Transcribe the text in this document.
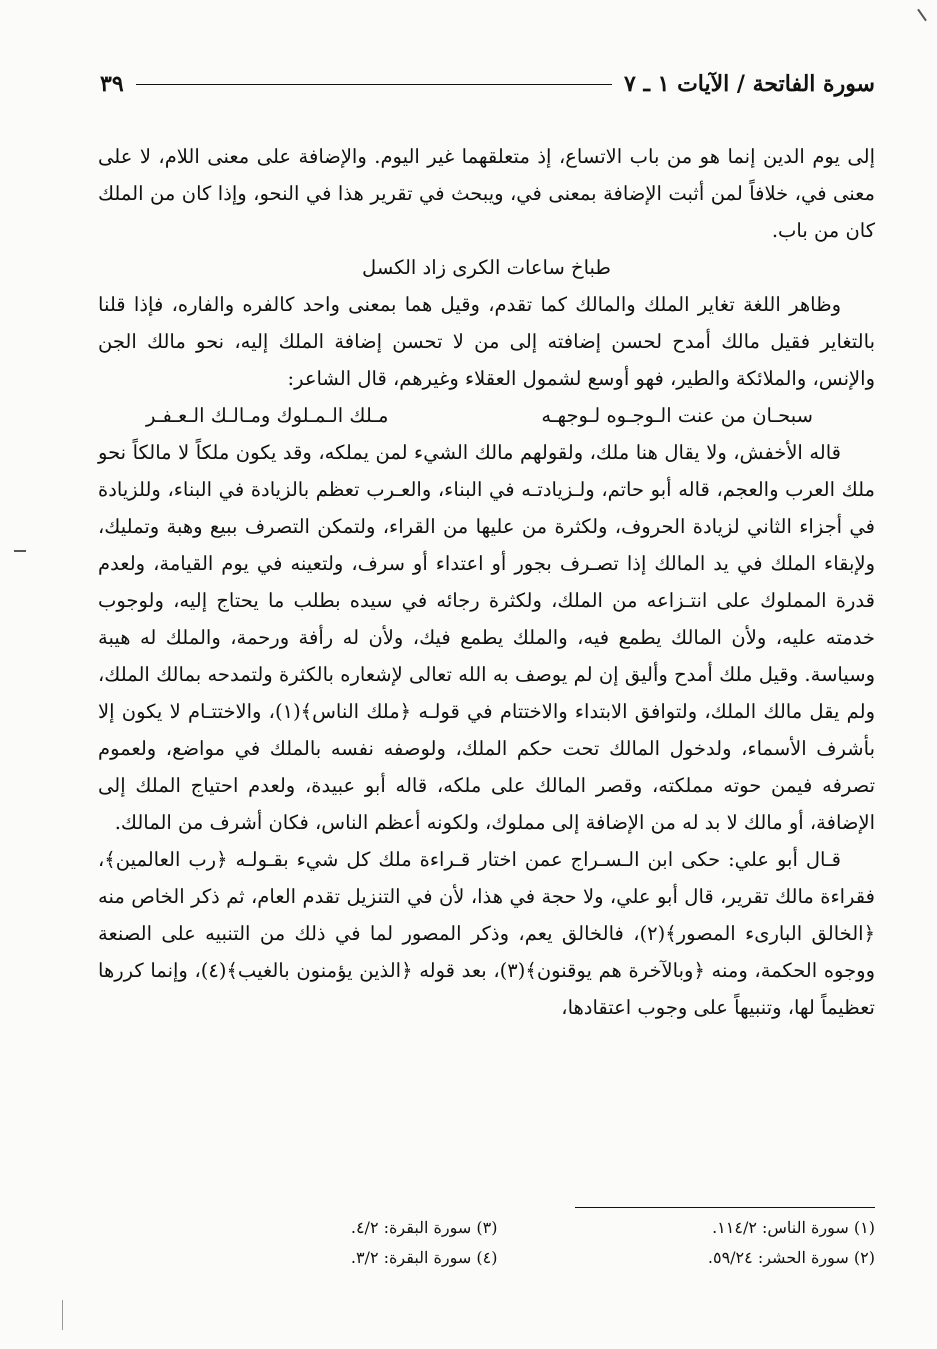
سورة الفاتحة / الآيات ١ ـ ٧
٣٩

إلى يوم الدين إنما هو من باب الاتساع، إذ متعلقهما غير اليوم. والإضافة على معنى اللام، لا على معنى في، خلافاً لمن أثبت الإضافة بمعنى في، ويبحث في تقرير هذا في النحو، وإذا كان من الملك كان من باب.

طباخ ساعات الكرى زاد الكسل

وظاهر اللغة تغاير الملك والمالك كما تقدم، وقيل هما بمعنى واحد كالفره والفاره، فإذا قلنا بالتغاير فقيل مالك أمدح لحسن إضافته إلى من لا تحسن إضافة الملك إليه، نحو مالك الجن والإنس، والملائكة والطير، فهو أوسع لشمول العقلاء وغيرهم، قال الشاعر:

سبحـان من عنت الـوجـوه لـوجهـه
مـلك الـمـلوك ومـالـك الـعـفـر

قاله الأخفش، ولا يقال هنا ملك، ولقولهم مالك الشيء لمن يملكه، وقد يكون ملكاً لا مالكاً نحو ملك العرب والعجم، قاله أبو حاتم، ولـزيادتـه في البناء، والعـرب تعظم بالزيادة في البناء، وللزيادة في أجزاء الثاني لزيادة الحروف، ولكثرة من عليها من القراء، ولتمكن التصرف ببيع وهبة وتمليك، ولإبقاء الملك في يد المالك إذا تصـرف بجور أو اعتداء أو سرف، ولتعينه في يوم القيامة، ولعدم قدرة المملوك على انتـزاعه من الملك، ولكثرة رجائه في سيده بطلب ما يحتاج إليه، ولوجوب خدمته عليه، ولأن المالك يطمع فيه، والملك يطمع فيك، ولأن له رأفة ورحمة، والملك له هيبة وسياسة. وقيل ملك أمدح وأليق إن لم يوصف به الله تعالى لإشعاره بالكثرة ولتمدحه بمالك الملك، ولم يقل مالك الملك، ولتوافق الابتداء والاختتام في قولـه ﴿ملك الناس﴾(١)، والاختتـام لا يكون إلا بأشرف الأسماء، ولدخول المالك تحت حكم الملك، ولوصفه نفسه بالملك في مواضع، ولعموم تصرفه فيمن حوته مملكته، وقصر المالك على ملكه، قاله أبو عبيدة، ولعدم احتياج الملك إلى الإضافة، أو مالك لا بد له من الإضافة إلى مملوك، ولكونه أعظم الناس، فكان أشرف من المالك.

قـال أبو علي: حكى ابن الـسـراج عمن اختار قـراءة ملك كل شيء بقـولـه ﴿رب العالمين﴾، فقراءة مالك تقرير، قال أبو علي، ولا حجة في هذا، لأن في التنزيل تقدم العام، ثم ذكر الخاص منه ﴿الخالق البارىء المصور﴾(٢)، فالخالق يعم، وذكر المصور لما في ذلك من التنبيه على الصنعة ووجوه الحكمة، ومنه ﴿وبالآخرة هم يوقنون﴾(٣)، بعد قوله ﴿الذين يؤمنون بالغيب﴾(٤)، وإنما كررها تعظيماً لها، وتنبيهاً على وجوب اعتقادها،

(١) سورة الناس: ١١٤/٢.
(٣) سورة البقرة: ٤/٢.
(٢) سورة الحشر: ٥٩/٢٤.
(٤) سورة البقرة: ٣/٢.
